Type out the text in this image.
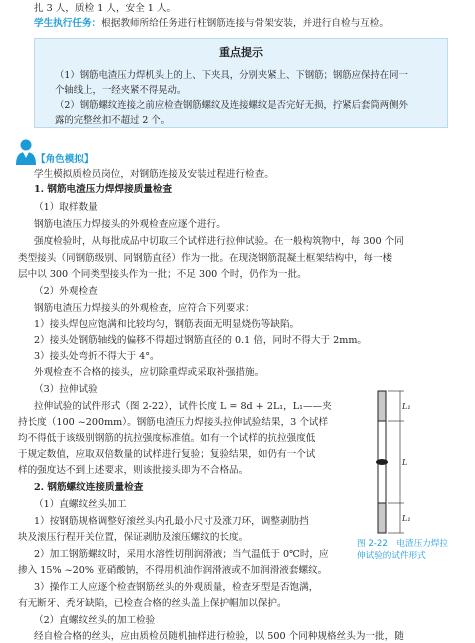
扎 3 人，质检 1 人，安全 1 人。

学生执行任务：根据教师所给任务进行柱钢筋连接与骨架安装，并进行自检与互检。

重点提示

（1）钢筋电渣压力焊机头上的上、下夹具，分别夹紧上、下钢筋；钢筋应保持在同一

个轴线上，一经夹紧不得晃动。

（2）钢筋螺纹连接之前应检查钢筋螺纹及连接螺纹是否完好无损，拧紧后套筒两侧外

露的完整丝扣不超过 2 个。

【角色模拟】

学生模拟质检员岗位，对钢筋连接及安装过程进行检查。

1. 钢筋电渣压力焊焊接质量检查

（1）取样数量

钢筋电渣压力焊接头的外观检查应逐个进行。

强度检验时，从每批成品中切取三个试样进行拉伸试验。在一般构筑物中，每 300 个同

类型接头（同钢筋级别、同钢筋直径）作为一批。在现浇钢筋混凝土框架结构中，每一楼

层中以 300 个同类型接头作为一批；不足 300 个时，仍作为一批。

（2）外观检查

钢筋电渣压力焊接头的外观检查，应符合下列要求：

1）接头焊包应饱满和比较均匀，钢筋表面无明显烧伤等缺陷。

2）接头处钢筋轴线的偏移不得超过钢筋直径的 0.1 倍，同时不得大于 2mm。

3）接头处弯折不得大于 4°。

外观检查不合格的接头，应切除重焊或采取补强措施。

（3）拉伸试验

拉伸试验的试件形式（图 2-22），试件长度 L = 8d + 2L₁，L₁——夹

持长度（100 ~200mm）。钢筋电渣压力焊接头拉伸试验结果，3 个试样

均不得低于该级别钢筋的抗拉强度标准值。如有一个试样的抗拉强度低

于规定数值，应取双倍数量的试样进行复验；复验结果，如仍有一个试

样的强度达不到上述要求，则该批接头即为不合格品。

2. 钢筋螺纹连接质量检查

（1）直螺纹丝头加工

1）按钢筋规格调整好滚丝头内孔最小尺寸及涨刀环，调整剥肋挡

块及滚压行程开关位置，保证剥肋及滚压螺纹的长度。

2）加工钢筋螺纹时，采用水溶性切削润滑液；当气温低于 0℃时，应

掺入 15% ~20% 亚硝酸钠，不得用机油作润滑液或不加润滑液套螺纹。

3）操作工人应逐个检查钢筋丝头的外观质量，检查牙型是否饱满，

有无断牙、秃牙缺陷，已检查合格的丝头盖上保护帽加以保护。

（2）直螺纹丝头的加工检验

经自检合格的丝头，应由质检员随机抽样进行检验，以 500 个同种规格丝头为一批，随

L₁
L
L₁
图 2-22　电渣压力焊拉伸试验的试件形式
